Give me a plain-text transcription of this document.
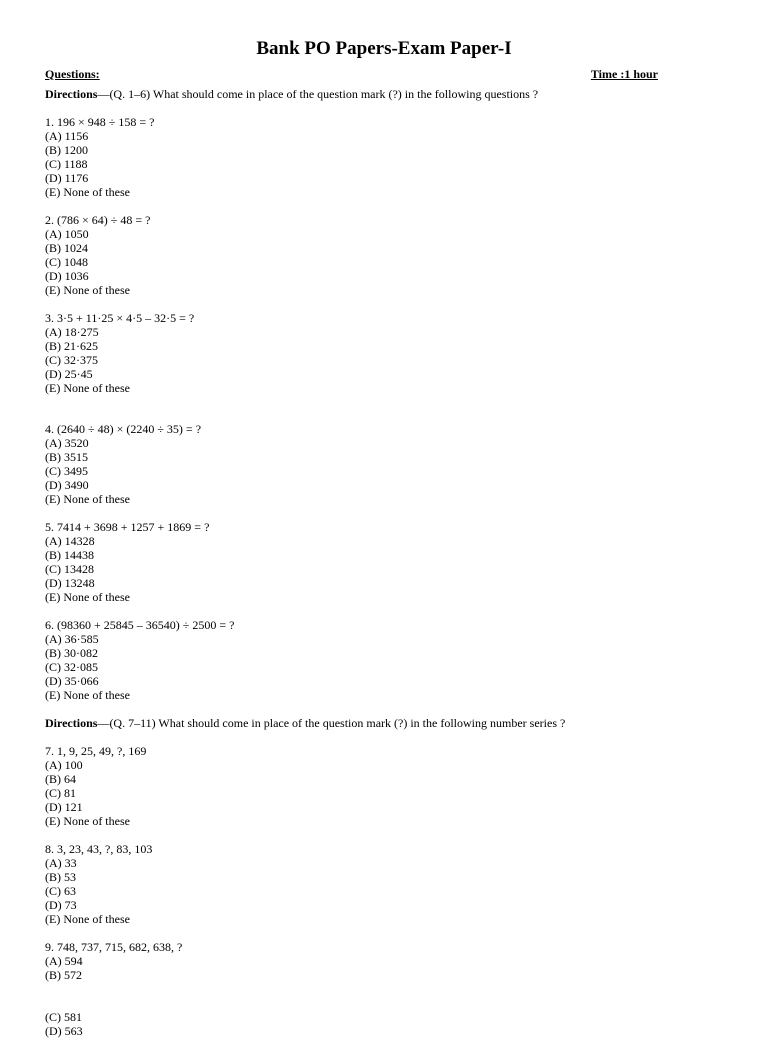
Bank PO Papers-Exam Paper-I
Questions:	Time :1 hour
Directions—(Q. 1–6) What should come in place of the question mark (?) in the following questions ?
1. 196 × 948 ÷ 158 = ?
(A) 1156
(B) 1200
(C) 1188
(D) 1176
(E) None of these
2. (786 × 64) ÷ 48 = ?
(A) 1050
(B) 1024
(C) 1048
(D) 1036
(E) None of these
3. 3·5 + 11·25 × 4·5 – 32·5 = ?
(A) 18·275
(B) 21·625
(C) 32·375
(D) 25·45
(E) None of these
4. (2640 ÷ 48) × (2240 ÷ 35) = ?
(A) 3520
(B) 3515
(C) 3495
(D) 3490
(E) None of these
5. 7414 + 3698 + 1257 + 1869 = ?
(A) 14328
(B) 14438
(C) 13428
(D) 13248
(E) None of these
6. (98360 + 25845 – 36540) ÷ 2500 = ?
(A) 36·585
(B) 30·082
(C) 32·085
(D) 35·066
(E) None of these
Directions—(Q. 7–11) What should come in place of the question mark (?) in the following number series ?
7. 1, 9, 25, 49, ?, 169
(A) 100
(B) 64
(C) 81
(D) 121
(E) None of these
8. 3, 23, 43, ?, 83, 103
(A) 33
(B) 53
(C) 63
(D) 73
(E) None of these
9. 748, 737, 715, 682, 638, ?
(A) 594
(B) 572
(C) 581
(D) 563
